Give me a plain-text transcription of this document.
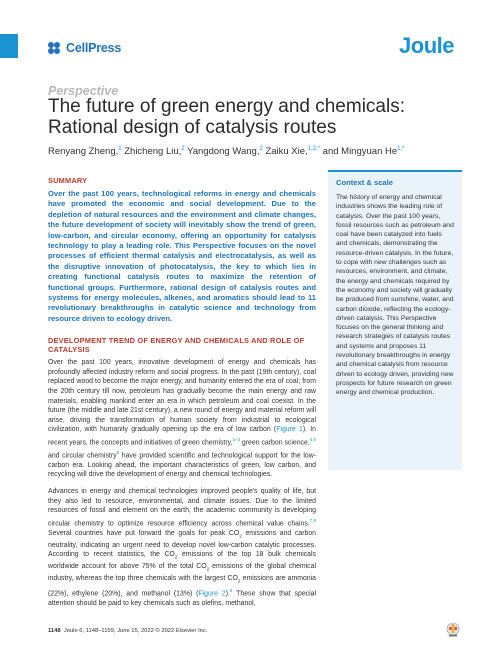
CellPress	Joule
Perspective
The future of green energy and chemicals: Rational design of catalysis routes
Renyang Zheng,$^1$ Zhicheng Liu,$^2$ Yangdong Wang,$^2$ Zaiku Xie,$^{1,2,*}$ and Mingyuan $He^{1,*}$
SUMMARY
Over the past 100 years, technological reforms in energy and chemicals have promoted the economic and social development. Due to the depletion of natural resources and the environment and climate changes, the future development of society will inevitably show the trend of green, low-carbon, and circular economy, offering an opportunity for catalysis technology to play a leading role. This Perspective focuses on the novel processes of efficient thermal catalysis and electrocatalysis, as well as the disruptive innovation of photocatalysis, the key to which lies in creating functional catalysis routes to maximize the retention of functional groups. Furthermore, rational design of catalysis routes and systems for energy molecules, alkenes, and aromatics should lead to 11 revolutionary breakthroughs in catalytic science and technology from resource driven to ecology driven.
DEVELOPMENT TREND OF ENERGY AND CHEMICALS AND ROLE OF CATALYSIS

Over the past 100 years, innovative development of energy and chemicals has profoundly affected industry reform and social progress. In the past (19th century), coal replaced wood to become the major energy, and humanity entered the era of coal; from the 20th century till now, petroleum has gradually become the main energy and raw materials, enabling mankind enter an era in which petroleum and coal coexist. In the future (the middle and late 21st century), a new round of energy and material reform will arise, driving the transformation of human society from industrial to ecological civilization, with humanity gradually opening up the era of low carbon (Figure 1). In recent years, the concepts and initiatives of green chemistry,$^{1-3}$ green carbon science,$^{4,5}$ and circular chemistry$^6$ have provided scientific and technological support for the low-carbon era. Looking ahead, the important characteristics of green, low carbon, and recycling will drive the development of energy and chemical technologies.

Advances in energy and chemical technologies improved people's quality of life, but they also led to resource, environmental, and climate issues. Due to the limited resources of fossil and element on the earth, the academic community is developing circular chemistry to optimize resource efficiency across chemical value chains.$^{7,8}$ Several countries have put forward the goals for peak $CO_2$ emissions and carbon neutrality, indicating an urgent need to develop novel low-carbon catalytic processes. According to recent statistics, the $CO_2$ emissions of the top 18 bulk chemicals worldwide account for above 75% of the total $CO_2$ emissions of the global chemical industry, whereas the top three chemicals with the largest $CO_2$ emissions are ammonia (22%), ethylene (20%), and methanol (13%) (Figure 2).$^9$ These show that special attention should be paid to key chemicals such as olefins, methanol,

Context & scale
The history of energy and chemical industries shows the leading role of catalysis. Over the past 100 years, fossil resources such as petroleum and coal have been catalyzed into fuels and chemicals, demonstrating the resource-driven catalysis. In the future, to cope with new challenges such as resources, environment, and climate, the energy and chemicals required by the economy and society will gradually be produced from sunshine, water, and carbon dioxide, reflecting the ecology-driven catalysis. This Perspective focuses on the general thinking and research strategies of catalysis routes and systems and proposes 11 revolutionary breakthroughs in energy and chemical catalysis from resource driven to ecology driven, providing new prospects for future research on green energy and chemical production.
1148 Joule 6, 1148–1159, June 15, 2022 © 2022 Elsevier Inc.
